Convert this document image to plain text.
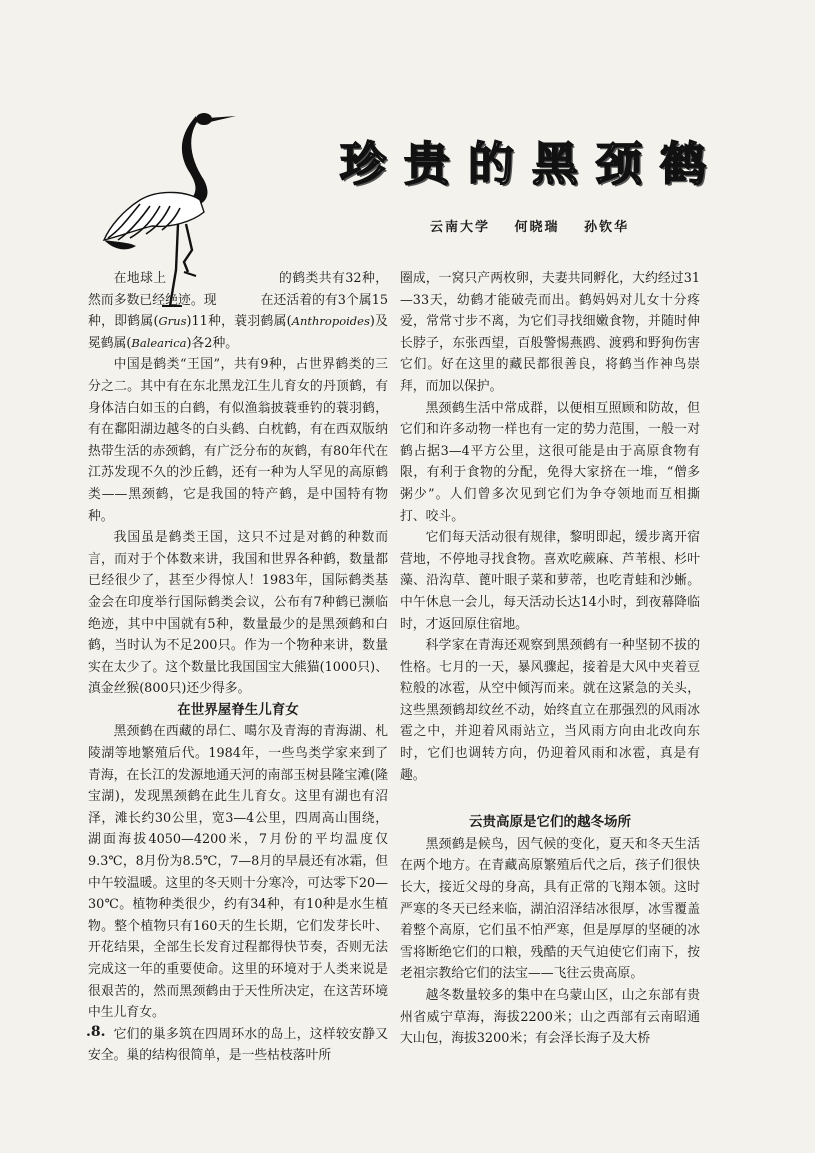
珍贵的黑颈鹤
云南大学 何晓瑞 孙钦华

在地球上	的鹤类共有32种，然而多数已经绝迹。现	在还活着的有3个属15种，即鹤属(Grus)11种，蓑羽鹤属(Anthropoides)及冕鹤属(Balearica)各2种。

中国是鹤类“王国”，共有9种，占世界鹤类的三分之二。其中有在东北黑龙江生儿育女的丹顶鹤，有身体洁白如玉的白鹤，有似渔翁披蓑垂钓的蓑羽鹤，有在鄱阳湖边越冬的白头鹤、白枕鹤，有在西双版纳热带生活的赤颈鹤，有广泛分布的灰鹤，有80年代在江苏发现不久的沙丘鹤，还有一种为人罕见的高原鹤类——黑颈鹤，它是我国的特产鹤，是中国特有物种。

我国虽是鹤类王国，这只不过是对鹤的种数而言，而对于个体数来讲，我国和世界各种鹤，数量都已经很少了，甚至少得惊人！1983年，国际鹤类基金会在印度举行国际鹤类会议，公布有7种鹤已濒临绝迹，其中中国就有5种，数量最少的是黑颈鹤和白鹤，当时认为不足200只。作为一个物种来讲，数量实在太少了。这个数量比我国国宝大熊猫(1000只)、滇金丝猴(800只)还少得多。

在世界屋脊生儿育女

黑颈鹤在西藏的昂仁、噶尔及青海的青海湖、札陵湖等地繁殖后代。1984年，一些鸟类学家来到了青海，在长江的发源地通天河的南部玉树县隆宝滩(隆宝湖)，发现黑颈鹤在此生儿育女。这里有湖也有沼泽，滩长约30公里，宽3—4公里，四周高山围绕，湖面海拔4050—4200米，7月份的平均温度仅9.3℃，8月份为8.5℃，7—8月的早晨还有冰霜，但中午较温暖。这里的冬天则十分寒冷，可达零下20—30℃。植物种类很少，约有34种，有10种是水生植物。整个植物只有160天的生长期，它们发芽长叶、开花结果，全部生长发育过程都得快节奏，否则无法完成这一年的重要使命。这里的环境对于人类来说是很艰苦的，然而黑颈鹤由于天性所决定，在这苦环境中生儿育女。

它们的巢多筑在四周环水的岛上，这样较安静又安全。巢的结构很简单，是一些枯枝落叶所

圈成，一窝只产两枚卵，夫妻共同孵化，大约经过31—33天，幼鹤才能破壳而出。鹤妈妈对儿女十分疼爱，常常寸步不离，为它们寻找细嫩食物，并随时伸长脖子，东张西望，百般警惕燕鸥、渡鸦和野狗伤害它们。好在这里的藏民都很善良，将鹤当作神鸟崇拜，而加以保护。

黑颈鹤生活中常成群，以便相互照顾和防故，但它们和许多动物一样也有一定的势力范围，一般一对鹤占据3—4平方公里，这很可能是由于高原食物有限，有利于食物的分配，免得大家挤在一堆，“僧多粥少”。人们曾多次见到它们为争夺领地而互相撕打、咬斗。

它们每天活动很有规律，黎明即起，缓步离开宿营地，不停地寻找食物。喜欢吃蕨麻、芦苇根、杉叶藻、沿沟草、蓖叶眼子菜和萝蒂，也吃青蛙和沙蜥。中午休息一会儿，每天活动长达14小时，到夜幕降临时，才返回原住宿地。

科学家在青海还观察到黑颈鹤有一种坚韧不拔的性格。七月的一天，暴风骤起，接着是大风中夹着豆粒般的冰雹，从空中倾泻而来。就在这紧急的关头，这些黑颈鹤却纹丝不动，始终直立在那强烈的风雨冰雹之中，并迎着风雨站立，当风雨方向由北改向东时，它们也调转方向，仍迎着风雨和冰雹，真是有趣。

云贵高原是它们的越冬场所

黑颈鹤是候鸟，因气候的变化，夏天和冬天生活在两个地方。在青藏高原繁殖后代之后，孩子们很快长大，接近父母的身高，具有正常的飞翔本领。这时严寒的冬天已经来临，湖泊沼泽结冰很厚，冰雪覆盖着整个高原，它们虽不怕严寒，但是厚厚的坚硬的冰雪将断绝它们的口粮，残酷的天气迫使它们南下，按老祖宗教给它们的法宝——飞往云贵高原。

越冬数量较多的集中在乌蒙山区，山之东部有贵州省威宁草海，海拔2200米；山之西部有云南昭通大山包，海拔3200米；有会泽长海子及大桥

.8.
